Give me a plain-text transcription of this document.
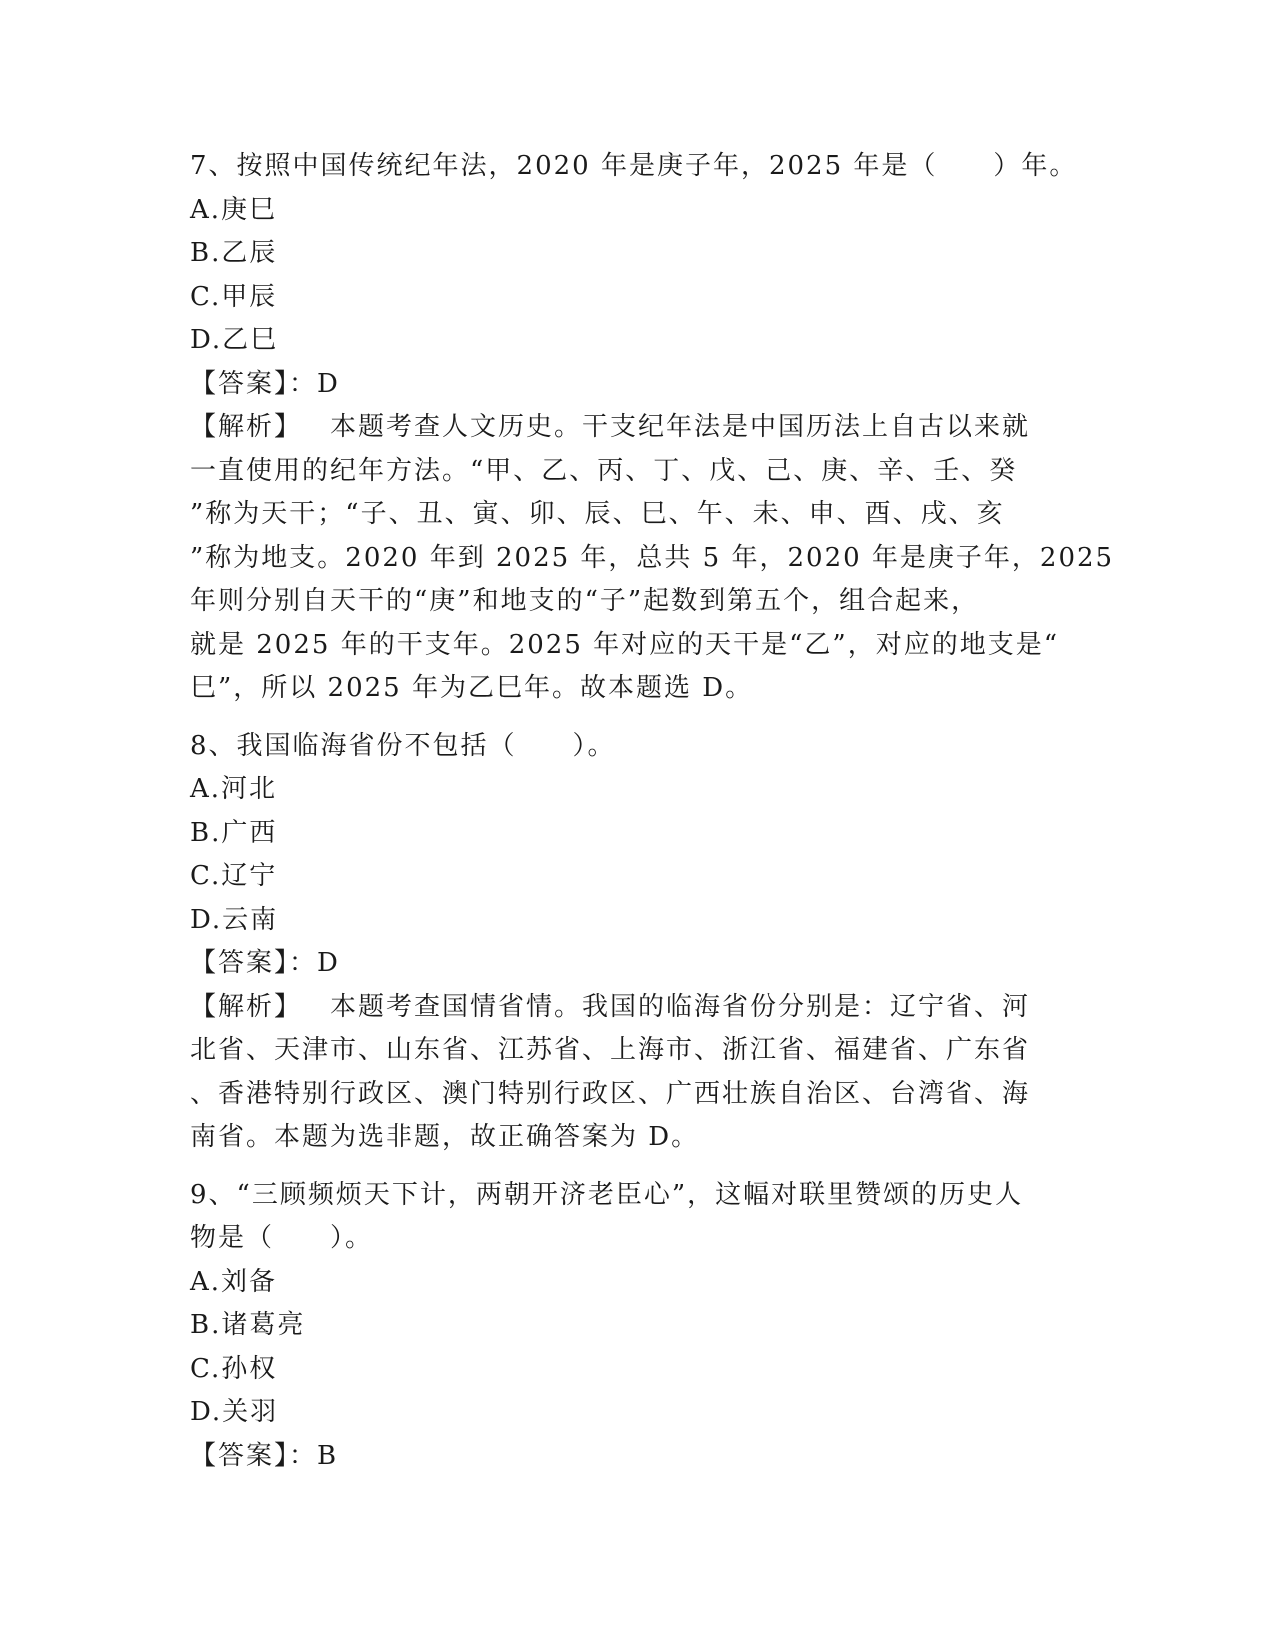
7、按照中国传统纪年法，2020 年是庚子年，2025 年是（　　）年。

A.庚巳

B.乙辰

C.甲辰

D.乙巳

【答案】：D

【解析】 本题考查人文历史。干支纪年法是中国历法上自古以来就

一直使用的纪年方法。“甲、乙、丙、丁、戊、己、庚、辛、壬、癸

”称为天干；“子、丑、寅、卯、辰、巳、午、未、申、酉、戌、亥

”称为地支。2020 年到 2025 年，总共 5 年，2020 年是庚子年，2025

年则分别自天干的“庚”和地支的“子”起数到第五个，组合起来，

就是 2025 年的干支年。2025 年对应的天干是“乙”，对应的地支是“

巳”，所以 2025 年为乙巳年。故本题选 D。

8、我国临海省份不包括（　　）。

A.河北

B.广西

C.辽宁

D.云南

【答案】：D

【解析】 本题考查国情省情。我国的临海省份分别是：辽宁省、河

北省、天津市、山东省、江苏省、上海市、浙江省、福建省、广东省

、香港特别行政区、澳门特别行政区、广西壮族自治区、台湾省、海

南省。本题为选非题，故正确答案为 D。

9、“三顾频烦天下计，两朝开济老臣心”，这幅对联里赞颂的历史人

物是（　　）。

A.刘备

B.诸葛亮

C.孙权

D.关羽

【答案】：B
